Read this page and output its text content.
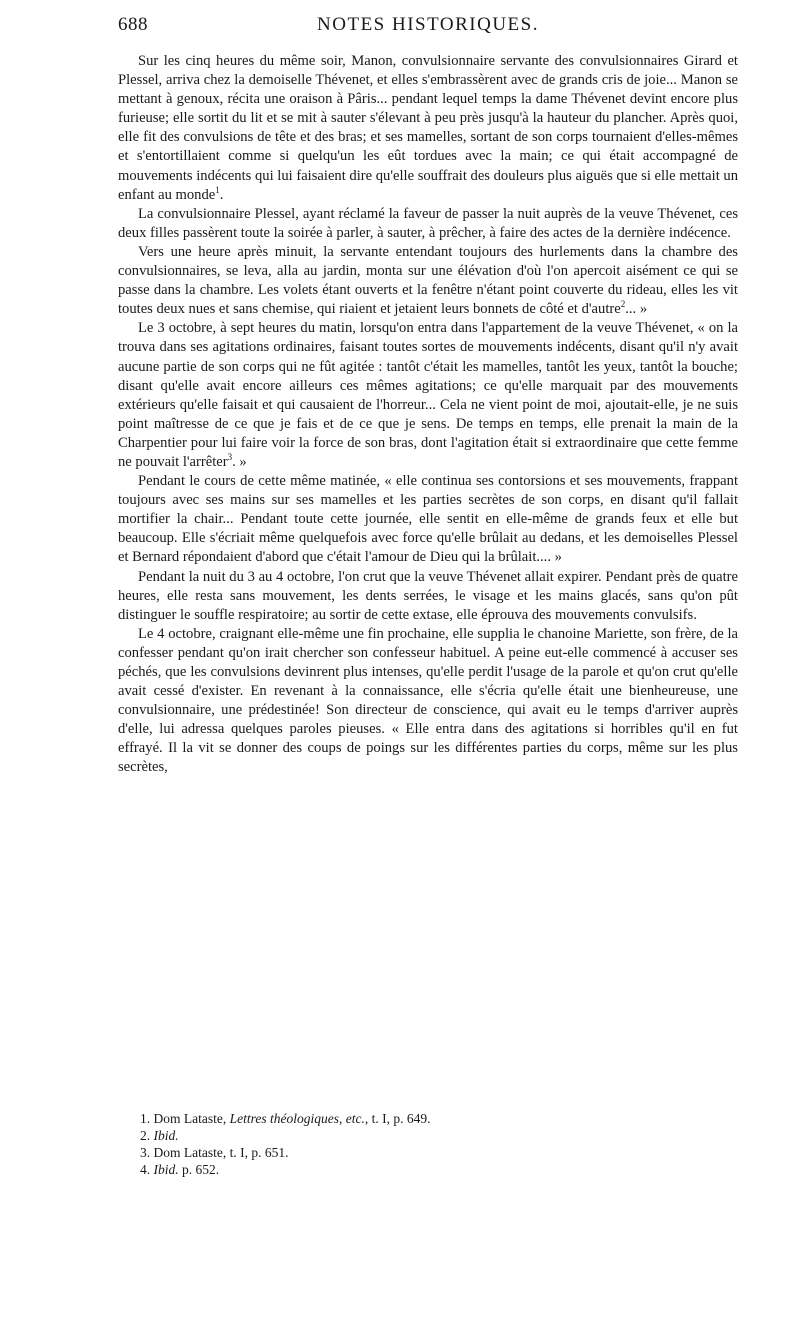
688	NOTES HISTORIQUES.

Sur les cinq heures du même soir, Manon, convulsionnaire servante des convulsionnaires Girard et Plessel, arriva chez la demoiselle Thévenet, et elles s'embrassèrent avec de grands cris de joie... Manon se mettant à genoux, récita une oraison à Pâris... pendant lequel temps la dame Thévenet devint encore plus furieuse; elle sortit du lit et se mit à sauter s'élevant à peu près jusqu'à la hauteur du plancher. Après quoi, elle fit des convulsions de tête et des bras; et ses mamelles, sortant de son corps tournaient d'elles-mêmes et s'entortillaient comme si quelqu'un les eût tordues avec la main; ce qui était accompagné de mouvements indécents qui lui faisaient dire qu'elle souffrait des douleurs plus aiguës que si elle mettait un enfant au monde$^1$.

La convulsionnaire Plessel, ayant réclamé la faveur de passer la nuit auprès de la veuve Thévenet, ces deux filles passèrent toute la soirée à parler, à sauter, à prêcher, à faire des actes de la dernière indécence.

Vers une heure après minuit, la servante entendant toujours des hurlements dans la chambre des convulsionnaires, se leva, alla au jardin, monta sur une élévation d'où l'on apercoit aisément ce qui se passe dans la chambre. Les volets étant ouverts et la fenêtre n'étant point couverte du rideau, elles les vit toutes deux nues et sans chemise, qui riaient et jetaient leurs bonnets de côté et d'autre$^2$... »

Le 3 octobre, à sept heures du matin, lorsqu'on entra dans l'appartement de la veuve Thévenet, « on la trouva dans ses agitations ordinaires, faisant toutes sortes de mouvements indécents, disant qu'il n'y avait aucune partie de son corps qui ne fût agitée : tantôt c'était les mamelles, tantôt les yeux, tantôt la bouche; disant qu'elle avait encore ailleurs ces mêmes agitations; ce qu'elle marquait par des mouvements extérieurs qu'elle faisait et qui causaient de l'horreur... Cela ne vient point de moi, ajoutait-elle, je ne suis point maîtresse de ce que je fais et de ce que je sens. De temps en temps, elle prenait la main de la Charpentier pour lui faire voir la force de son bras, dont l'agitation était si extraordinaire que cette femme ne pouvait l'arrêter$^3$. »

Pendant le cours de cette même matinée, « elle continua ses contorsions et ses mouvements, frappant toujours avec ses mains sur ses mamelles et les parties secrètes de son corps, en disant qu'il fallait mortifier la chair... Pendant toute cette journée, elle sentit en elle-même de grands feux et elle but beaucoup. Elle s'écriait même quelquefois avec force qu'elle brûlait au dedans, et les demoiselles Plessel et Bernard répondaient d'abord que c'était l'amour de Dieu qui la brûlait.... »

Pendant la nuit du 3 au 4 octobre, l'on crut que la veuve Thévenet allait expirer. Pendant près de quatre heures, elle resta sans mouvement, les dents serrées, le visage et les mains glacés, sans qu'on pût distinguer le souffle respiratoire; au sortir de cette extase, elle éprouva des mouvements convulsifs.

Le 4 octobre, craignant elle-même une fin prochaine, elle supplia le chanoine Mariette, son frère, de la confesser pendant qu'on irait chercher son confesseur habituel. A peine eut-elle commencé à accuser ses péchés, que les convulsions devinrent plus intenses, qu'elle perdit l'usage de la parole et qu'on crut qu'elle avait cessé d'exister. En revenant à la connaissance, elle s'écria qu'elle était une bienheureuse, une convulsionnaire, une prédestinée! Son directeur de conscience, qui avait eu le temps d'arriver auprès d'elle, lui adressa quelques paroles pieuses. « Elle entra dans des agitations si horribles qu'il en fut effrayé. Il la vit se donner des coups de poings sur les différentes parties du corps, même sur les plus secrètes,

1. Dom Lataste, Lettres théologiques, etc., t. I, p. 649.

2. Ibid.

3. Dom Lataste, t. I, p. 651.

4. Ibid. p. 652.
